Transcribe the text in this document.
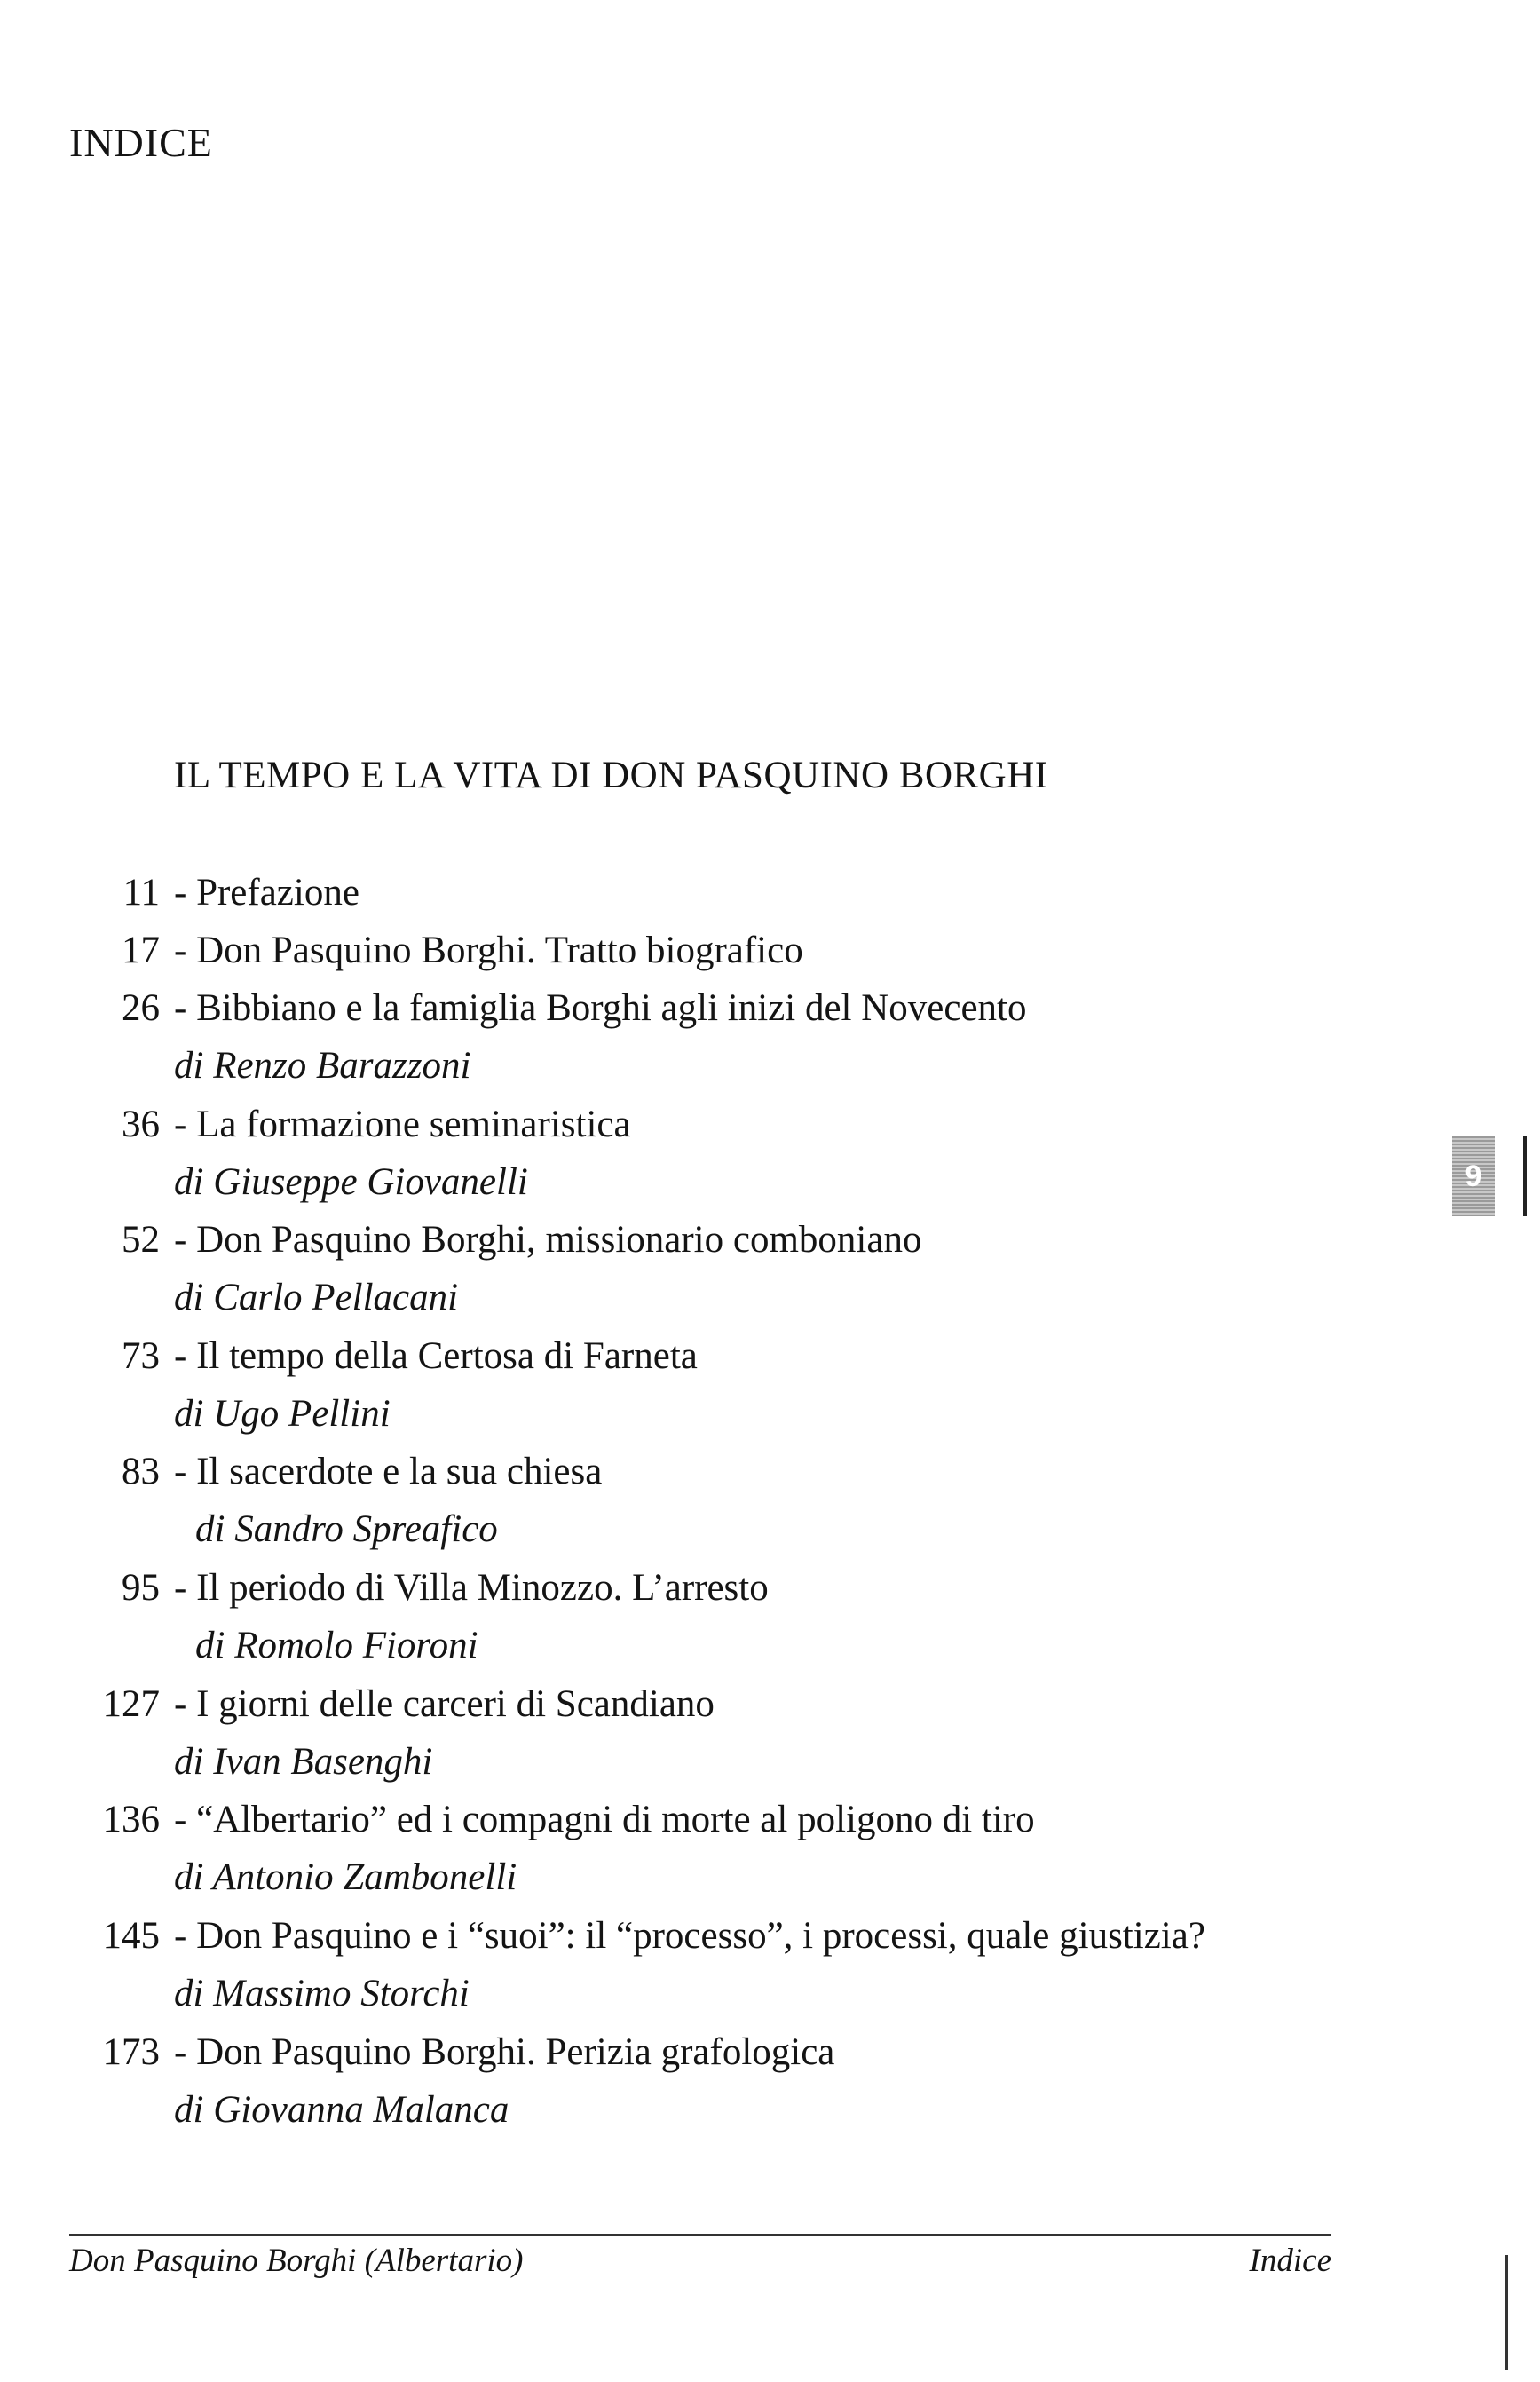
INDICE
IL TEMPO E LA VITA DI DON PASQUINO BORGHI
11 - Prefazione
17 - Don Pasquino Borghi. Tratto biografico
26 - Bibbiano e la famiglia Borghi agli inizi del Novecento
di Renzo Barazzoni
36 - La formazione seminaristica
di Giuseppe Giovanelli
52 - Don Pasquino Borghi, missionario comboniano
di Carlo Pellacani
73 - Il tempo della Certosa di Farneta
di Ugo Pellini
83 - Il sacerdote e la sua chiesa
di Sandro Spreafico
95 - Il periodo di Villa Minozzo. L’arresto
di Romolo Fioroni
127 - I giorni delle carceri di Scandiano
di Ivan Basenghi
136 - “Albertario” ed i compagni di morte al poligono di tiro
di Antonio Zambonelli
145 - Don Pasquino e i “suoi”: il “processo”, i processi, quale giustizia?
di Massimo Storchi
173 - Don Pasquino Borghi. Perizia grafologica
di Giovanna Malanca
9
Don Pasquino Borghi (Albertario)	Indice
